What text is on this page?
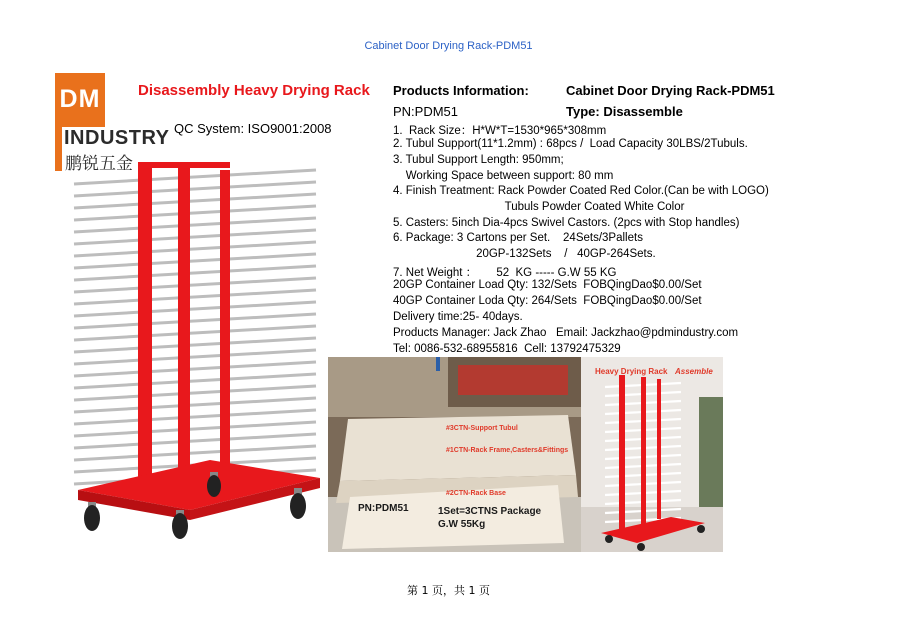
Cabinet Door Drying Rack-PDM51
DM
INDUSTRY
鹏锐五金
Disassembly Heavy Drying Rack
QC System: ISO9001:2008
Products Information:	Cabinet Door Drying Rack-PDM51
PN:PDM51	Type: Disassemble
1.  Rack Size：H*W*T=1530*965*308mm
2. Tubul Support(11*1.2mm) : 68pcs /  Load Capacity 30LBS/2Tubuls.
3. Tubul Support Length: 950mm;
Working Space between support: 80 mm
4. Finish Treatment: Rack Powder Coated Red Color.(Can be with LOGO)
Tubuls Powder Coated White Color
5. Casters: 5inch Dia-4pcs Swivel Castors. (2pcs with Stop handles)
6. Package: 3 Cartons per Set.    24Sets/3Pallets
20GP-132Sets    /   40GP-264Sets.
7. Net Weight ：      52  KG ----- G.W 55 KG
20GP Container Load Qty: 132/Sets  FOBQingDao$0.00/Set
40GP Container Loda Qty: 264/Sets  FOBQingDao$0.00/Set
Delivery time:25- 40days.
Products Manager: Jack Zhao   Email: Jackzhao@pdmindustry.com
Tel: 0086-532-68955816  Cell: 13792475329
#3CTN-Support Tubul
#1CTN-Rack Frame,Casters&Fittings
#2CTN-Rack Base
PN:PDM51	1Set=3CTNS Package
G.W 55Kg
Heavy Drying Rack Assemble
第 1 页，共 1 页
